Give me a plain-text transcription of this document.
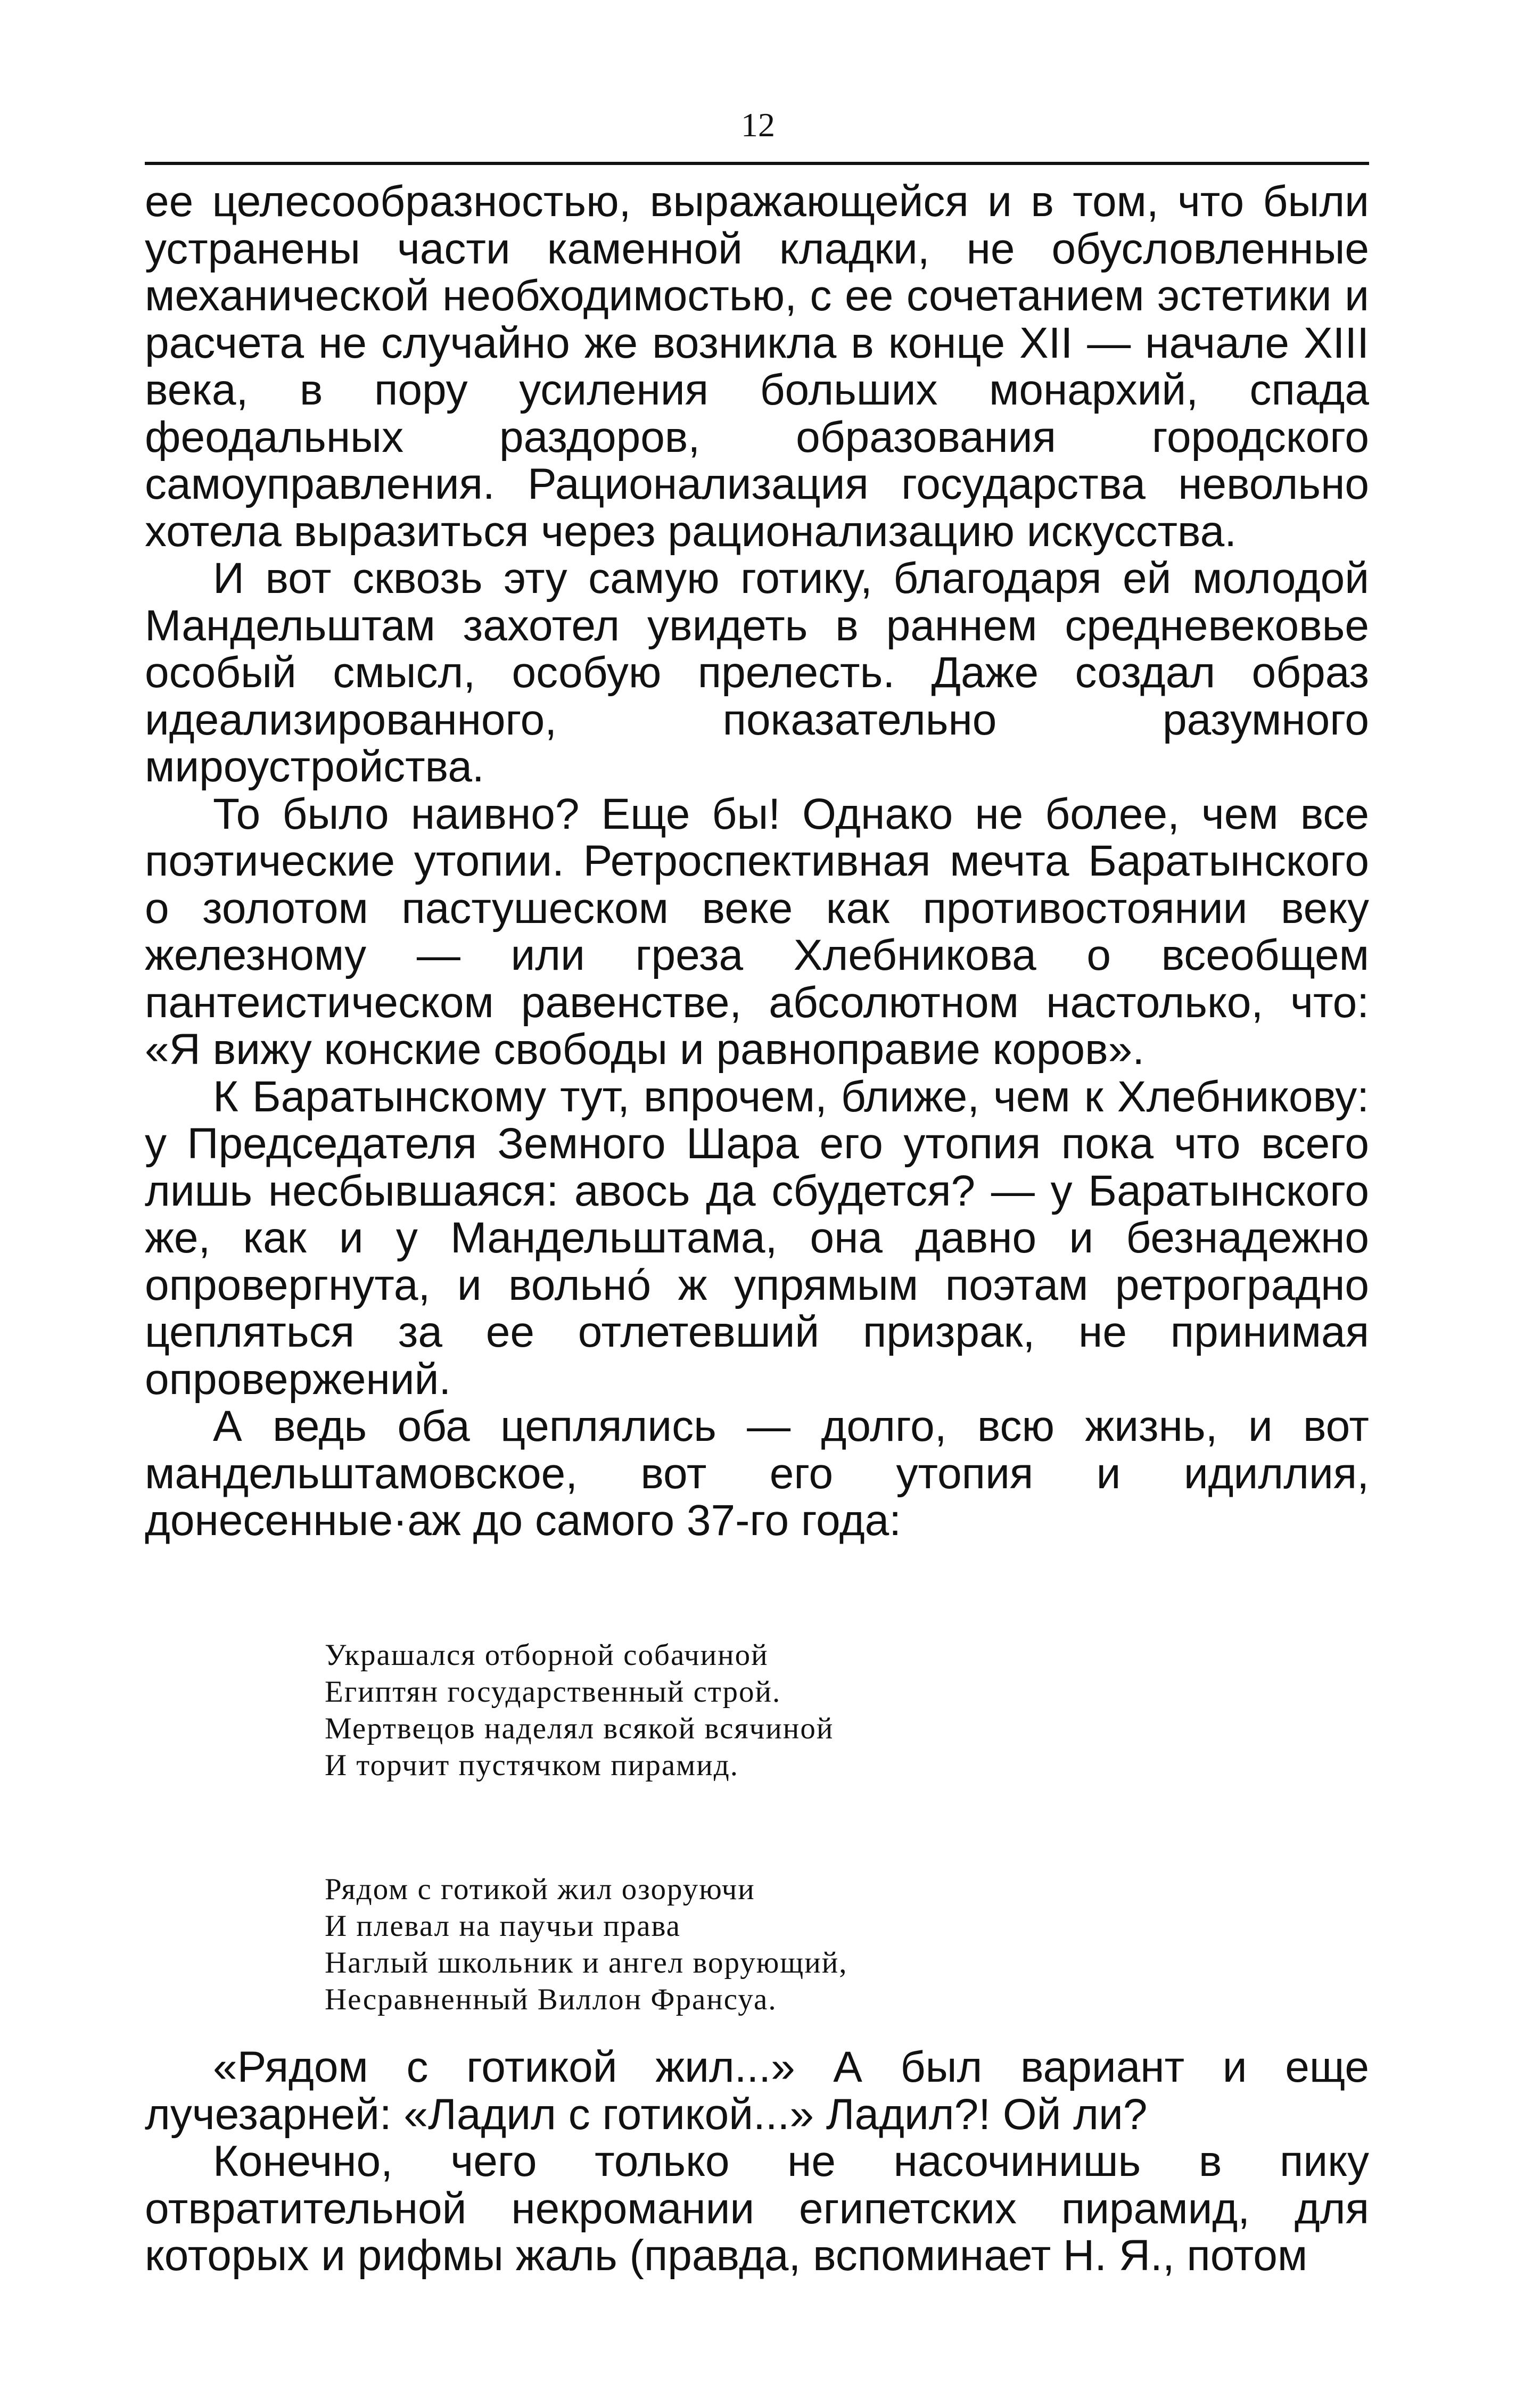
12

ее целесообразностью, выражающейся и в том, что были устранены части каменной кладки, не обусловленные механической необходимостью, с ее сочетанием эстетики и расчета не случайно же возникла в конце XII — начале XIII века, в пору усиления больших монархий, спада феодальных раздоров, образования городского самоуправления. Рационализация государства невольно хотела выразиться через рационализацию искусства.

И вот сквозь эту самую готику, благодаря ей молодой Мандельштам захотел увидеть в раннем средневековье особый смысл, особую прелесть. Даже создал образ идеализированного, показательно разумного мироустройства.

То было наивно? Еще бы! Однако не более, чем все поэтические утопии. Ретроспективная мечта Баратынского о золотом пастушеском веке как противостоянии веку железному — или греза Хлебникова о всеобщем пантеистическом равенстве, абсолютном настолько, что: «Я вижу конские свободы и равноправие коров».

К Баратынскому тут, впрочем, ближе, чем к Хлебникову: у Председателя Земного Шара его утопия пока что всего лишь несбывшаяся: авось да сбудется? — у Баратынского же, как и у Мандельштама, она давно и безнадежно опровергнута, и вольно́ ж упрямым поэтам ретроградно цепляться за ее отлетевший призрак, не принимая опровержений.

А ведь оба цеплялись — долго, всю жизнь, и вот мандельштамовское, вот его утопия и идиллия, донесенные·аж до самого 37-го года:

Украшался отборной собачиной
Египтян государственный строй.
Мертвецов наделял всякой всячиной
И торчит пустячком пирамид.
Рядом с готикой жил озоруючи
И плевал на паучьи права
Наглый школьник и ангел ворующий,
Несравненный Виллон Франсуа.

«Рядом с готикой жил...» А был вариант и еще лучезарней: «Ладил с готикой...» Ладил?! Ой ли?

Конечно, чего только не насочинишь в пику отвратительной некромании египетских пирамид, для которых и рифмы жаль (правда, вспоминает Н. Я., потом
